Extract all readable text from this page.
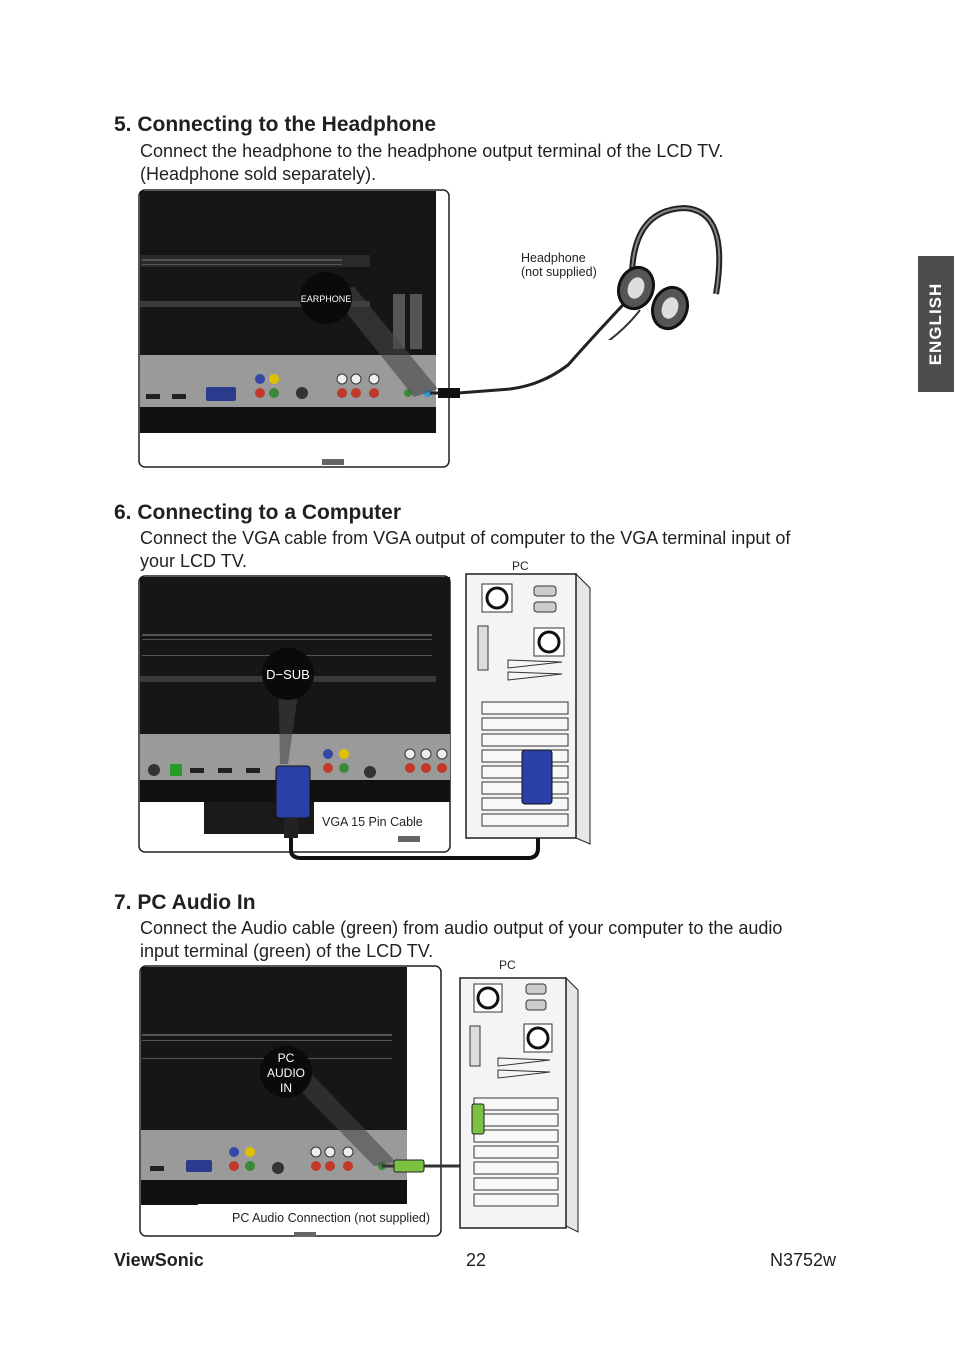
ENGLISH
5. Connecting to the Headphone
Connect the headphone to the headphone output terminal of the LCD TV.
(Headphone sold separately).
EARPHONE
Headphone
(not supplied)
6. Connecting to a Computer
Connect the VGA cable from VGA output of computer to the VGA terminal input of
your LCD TV.
D−SUB
VGA 15 Pin Cable
PC
7. PC Audio In
Connect the Audio cable (green) from audio output of your computer to the audio
input terminal (green) of the LCD TV.
PC
AUDIO
IN
PC Audio Connection (not supplied)
PC
ViewSonic	22	N3752w
